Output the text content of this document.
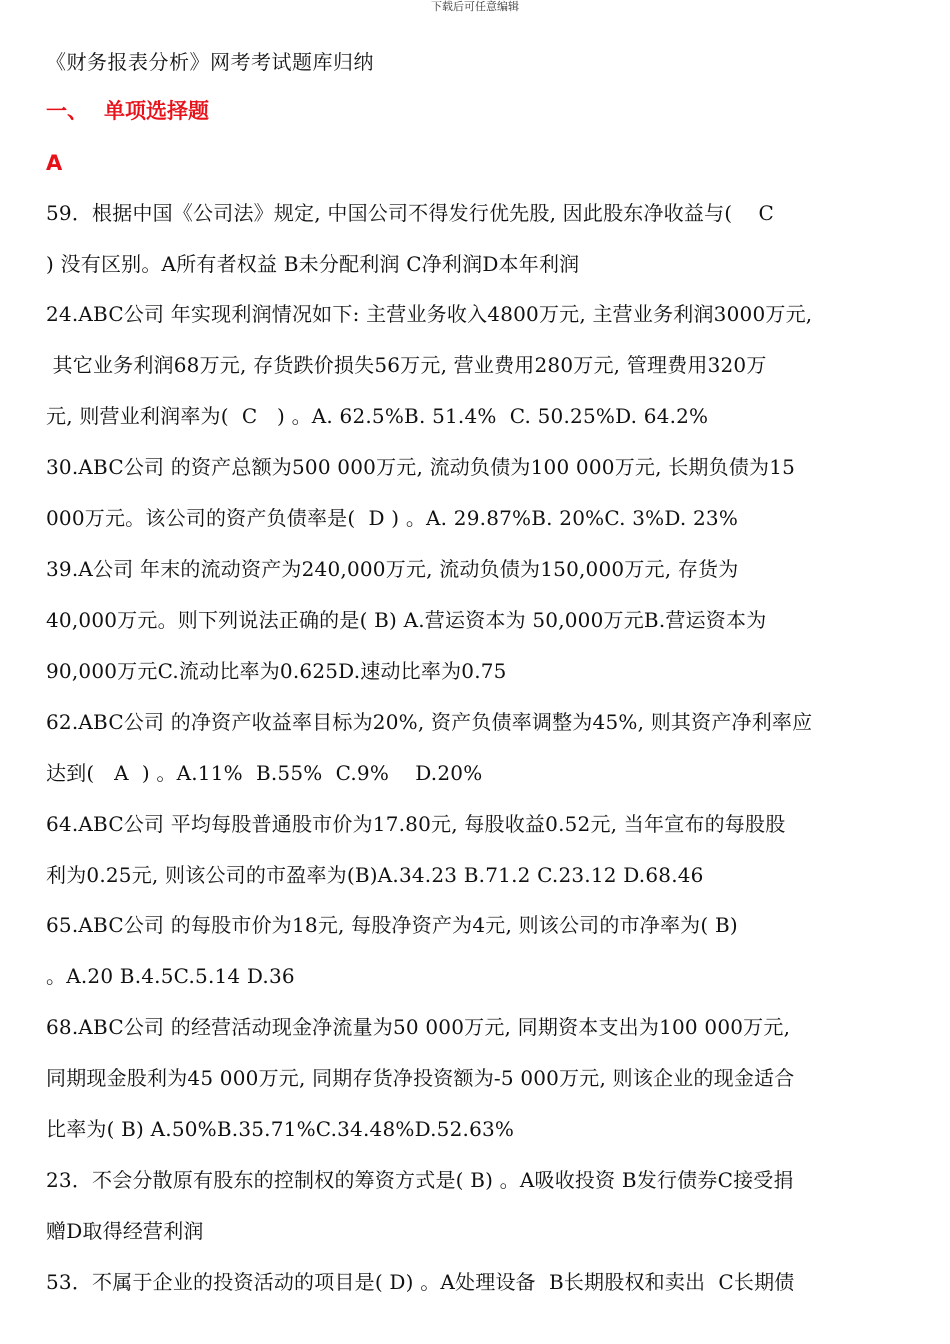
下载后可任意编辑
《财务报表分析》网考考试题库归纳
一、 单项选择题
A
59．根据中国《公司法》规定, 中国公司不得发行优先股, 因此股东净收益与(    C
) 没有区别。A所有者权益 B未分配利润 C净利润D本年利润
24.ABC公司 年实现利润情况如下: 主营业务收入4800万元, 主营业务利润3000万元,
其它业务利润68万元, 存货跌价损失56万元, 营业费用280万元, 管理费用320万
元, 则营业利润率为(  C   ) 。A. 62.5%B. 51.4%  C. 50.25%D. 64.2%
30.ABC公司 的资产总额为500 000万元, 流动负债为100 000万元, 长期负债为15
000万元。该公司的资产负债率是(  D ) 。A. 29.87%B. 20%C. 3%D. 23%
39.A公司 年末的流动资产为240,000万元, 流动负债为150,000万元, 存货为
40,000万元。则下列说法正确的是( B) A.营运资本为 50,000万元B.营运资本为
90,000万元C.流动比率为0.625D.速动比率为0.75
62.ABC公司 的净资产收益率目标为20%, 资产负债率调整为45%, 则其资产净利率应
达到(   A  ) 。A.11%  B.55%  C.9%    D.20%
64.ABC公司 平均每股普通股市价为17.80元, 每股收益0.52元, 当年宣布的每股股
利为0.25元, 则该公司的市盈率为(B)A.34.23 B.71.2 C.23.12 D.68.46
65.ABC公司 的每股市价为18元, 每股净资产为4元, 则该公司的市净率为( B)
。A.20 B.4.5C.5.14 D.36
68.ABC公司 的经营活动现金净流量为50 000万元, 同期资本支出为100 000万元,
同期现金股利为45 000万元, 同期存货净投资额为-5 000万元, 则该企业的现金适合
比率为( B) A.50%B.35.71%C.34.48%D.52.63%
23．不会分散原有股东的控制权的筹资方式是( B) 。A吸收投资 B发行债券C接受捐
赠D取得经营利润
53．不属于企业的投资活动的项目是( D) 。A处理设备  B长期股权和卖出  C长期债
